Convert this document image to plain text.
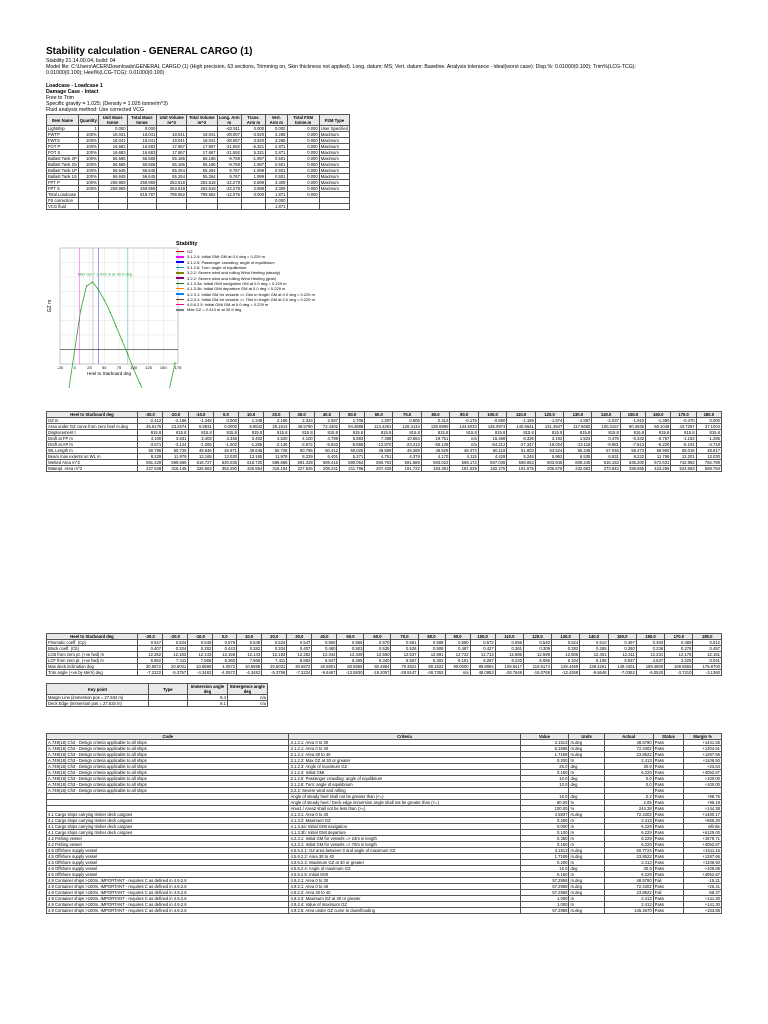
Stability calculation - GENERAL CARGO (1)
Stability 21.14.00.04, build: 04
Model file: C:\Users\ACER\Downloads\GENERAL CARGO (1) (High precision, 63 sections, Trimming on, Skin thickness not applied). Long. datum: MS; Vert. datum: Baseline. Analysis tolerance - ideal(worst case): Disp.%: 0.01000(0.100); Trim%(LCG-TCG):
0.01000(0.100); Heel%(LCG-TCG): 0.01000(0.100)
Loadcase - Loadcase 1
Damage Case - Intact
Free to Trim
Specific gravity = 1.025; (Density = 1.025 tonne/m^3)
Fluid analysis method: Use corrected VCG
Item Name	Quantity	Unit Mass tonne	Total Mass tonne	Unit Volume m^3	Total Volume m^3	Long. Arm m	Trans. Arm m	Vert. Arm m	Total FSM tonne.m	FSM Type
Lightship	1	0.000	0.000			-62.911	0.000	0.000	0.000	User Specified
FWTP	100%	18.041	18.041	18.041	18.041	-28.067	-3.920	3.268	0.000	Maximum
FWTS	100%	18.041	18.041	18.041	18.041	-28.067	3.920	3.268	0.000	Maximum
FOT P	100%	16.683	16.683	17.667	17.667	-21.592	-5.321	2.871	0.000	Maximum
FOT S	100%	16.683	16.683	17.667	17.667	-21.592	5.321	2.871	0.000	Maximum
Ballast Tank 2P	100%	56.566	56.566	55.186	55.186	-9.759	-1.997	0.501	0.000	Maximum
Ballast Tank 2S	100%	56.566	56.566	55.186	55.186	-9.759	1.997	0.501	0.000	Maximum
Ballast Tank 1P	100%	56.645	56.645	55.264	55.264	9.767	-1.999	0.501	0.000	Maximum
Ballast Tank 1S	100%	56.645	56.645	55.264	55.264	9.767	1.999	0.501	0.000	Maximum
FPT P	100%	259.959	259.959	253.618	253.618	-22.279	-2.899	3.309	0.000	Maximum
FPT S	100%	259.959	259.959	253.618	253.618	-22.279	2.899	3.309	0.000	Maximum
Total Loadcase			815.787	799.552	799.552	-12.076	0.000	1.871	0.000	
FS correction								0.000		
VCG fluid								1.871		
Max GZ = 2.413 m at 30.9 deg
-25	0	25	50	75 100 125 150 175
Heel to Starboard deg
GZ m
Stability
GZ
3.1.2.4: Initial GMt GM at 0.0 deg = 0.229 m
3.1.2.5: Passenger crowding: angle of equilibrium
3.1.2.6: Turn: angle of equilibrium
3.2.2: Severe wind and rolling Wind Heeling (steady)
3.2.2: Severe wind and rolling Wind Heeling (gust)
4.1.3.3a: Initial GMt navigation GM at 0.0 deg = 0.229 m
4.1.3.3b: Initial GMt departure GM at 0.0 deg = 0.229 m
4.2.3.1: Initial GM for vessels => 24m in length GM at 0.0 deg = 0.229 m
4.2.3.1: Initial GM for vessels => 70m in length GM at 0.0 deg = 0.229 m
4.5.6.2.5: Initial GMt GM at 0.0 deg = 0.229 m
Max GZ = 2.413 m at 30.9 deg
Heel to Starboard deg	-30.0	-20.0	-10.0	0.0	10.0	20.0	30.0	40.0	50.0	60.0	70.0	80.0	90.0	100.0	110.0	120.0	130.0	140.0	150.0	160.0	170.0	180.0
GZ m	-2.412	-2.186	-1.348	0.000	1.348	2.186	2.323	2.067	1.708	1.287	0.805	0.312	-0.176	-0.690	-1.159	-1.574	-1.897	-2.037	-1.910	-1.390	-0.470	0.000
Area under GZ curve from zero heel m.deg	46.5176	23.2574	6.9831	0.0000	6.9842	25.1913	48.5780	72.4302	94.4888	113.4291	128.4134	138.0880	144.5033	145.0973	140.6641	131.3947	117.6660	100.3157	80.3935	60.1048	43.7297	37.1004
Displacement t	815.8	815.8	815.8	815.8	815.8	815.8	815.8	815.8	815.8	815.8	815.8	815.8	815.8	815.8	815.8	815.8	815.8	815.8	815.8	815.8	815.8	815.8
Draft at FP m	4.100	3.631	3.402	3.346	3.402	3.620	4.100	4.789	5.893	7.488	10.654	19.751	n/a	15.468	6.336	3.192	1.524	0.476	-0.342	-0.767	-1.163	-1.285
Draft at AP m	-3.671	-3.124	-1.265	-1.002	-1.265	-2.136	-3.672	-5.843	-8.658	-12.870	-23.213	-55.128	n/a	-54.212	-27.347	-16.024	-13.118	-9.981	-7.813	-6.220	-5.101	-4.719
WL Length m	50.786	50.729	49.646	46.971	49.646	50.728	50.786	50.412	50.025	49.589	49.289	48.529	48.474	50.119	51.603	53.524	55.349	57.046	58.473	59.900	59.016	48.617
Beam max extents on WL m	8.229	11.979	13.165	13.030	13.165	11.978	8.229	6.401	5.271	4.751	4.379	4.170	4.115	4.429	5.246	5.962	6.536	6.931	8.222	11.768	13.201	13.030
Wetted Area m^2	591.429	599.669	616.727	640.035	616.720	599.666	591.428	589.416	590.064	590.763	591.689	593.022	598.172	597.046	598.653	603.646	609.245	616.153	635.200	672.631	742.963	782.789
Waterpl. Area m^2	227.628	316.148	326.563	353.290	326.564	316.154	227.626	208.241	211.796	207.426	191.722	183.381	181.039	182.275	191.675	206.676	232.663	273.842	336.655	423.256	523.663	589.794
Heel to Starboard deg	-30.0	-20.0	-10.0	0.0	10.0	20.0	30.0	40.0	50.0	60.0	70.0	80.0	90.0	100.0	110.0	120.0	130.0	140.0	150.0	160.0	170.0	180.0
Prismatic coeff. (Cp)	0.547	0.534	0.548	0.579	0.548	0.534	0.547	0.560	0.566	0.570	0.581	0.588	0.580	0.572	0.556	0.540	0.524	0.510	0.497	0.483	0.489	0.612
Block coeff. (Cb)	0.407	0.334	0.282	0.443	0.282	0.334	0.407	0.460	0.503	0.535	0.526	0.508	0.487	0.427	0.361	0.309	0.282	0.265	0.260	0.236	0.278	0.457
LCB from zero pt. (+ve fwd) m	12.252	12.183	12.143	12.156	12.143	12.183	12.252	12.344	12.449	12.550	12.637	12.691	12.722	12.713	12.666	12.598	12.506	12.401	12.311	12.231	12.176	12.151
LCF from zero pt. (+ve fwd) m	6.862	7.411	7.566	6.260	7.566	7.411	6.862	6.547	6.295	6.340	6.557	6.302	6.191	6.267	6.232	6.086	6.104	6.195	5.937	4.537	2.225	-3.041
Max deck inclination deg	30.5872	20.6031	10.6698	4.0572	10.6698	20.6031	30.5872	40.5601	50.5655	60.4884	70.3821	80.1922	90.0000	99.8084	109.6417	119.5174	129.4459	139.4261	149.4401	159.4800	169.5555	176.8700
Trim angle (+ve by stern) deg	-7.2222	-5.3757	-4.3482	-4.0572	-4.3482	-5.3756	-7.2224	-9.6467	-13.5830	-19.2057	-28.9147	-48.7353	n/a	48.0953	-28.7648	-19.0768	-13.4268	-9.6648	-7.0362	-5.0520	-3.7210	-3.1360
Key point	Type	Immersion angle deg	Emergence angle deg
Margin Line (immersion pos = 27.634 m)		8.4	n/a
Deck Edge (immersion pos = 27.634 m)		9.1	n/a
Code	Criteria	Value	Units	Actual	Status	Margin %
A.749(18) Ch3 - Design criteria applicable to all ships	3.1.2.1: Area 0 to 30	3.1513	m.deg	48.5780	Pass	+1441.55
A.749(18) Ch3 - Design criteria applicable to all ships	3.1.2.1: Area 0 to 40	5.1566	m.deg	72.4302	Pass	+1304.61
A.749(18) Ch3 - Design criteria applicable to all ships	3.1.2.1: Area 30 to 40	1.7189	m.deg	23.8522	Pass	+1287.66
A.749(18) Ch3 - Design criteria applicable to all ships	3.1.2.2: Max GZ at 30 or greater	0.200	m	2.413	Pass	+1106.50
A.749(18) Ch3 - Design criteria applicable to all ships	3.1.2.3: Angle of maximum GZ	25.0	deg	30.9	Pass	+23.64
A.749(18) Ch3 - Design criteria applicable to all ships	3.1.2.4: Initial GMt	0.150	m	6.229	Pass	+4052.67
A.749(18) Ch3 - Design criteria applicable to all ships	3.1.2.5: Passenger crowding: angle of equilibrium	10.0	deg	0.0	Pass	+100.00
A.749(18) Ch3 - Design criteria applicable to all ships	3.1.2.6: Turn: angle of equilibrium	10.0	deg	0.0	Pass	+100.00
A.749(18) Ch3 - Design criteria applicable to all ships	3.2.2: Severe wind and rolling				Pass	
	Angle of steady heel shall not be greater than (<=)	16.0	deg	0.2	Pass	+98.75
	Angle of steady heel / Deck edge immersion angle shall not be greater than (<=)	80.00	%	2.05	Pass	+96.19
	Area1 / Area2 shall not be less than (>=)	100.00	%	244.38	Pass	+144.38
4.1 Cargo ships carrying timber deck cargoes	4.1.3.1: Area 0 to 40	4.5837	m.deg	72.4302	Pass	+1480.17
4.1 Cargo ships carrying timber deck cargoes	4.1.3.2: Maximum GZ	0.250	m	2.413	Pass	+865.20
4.1 Cargo ships carrying timber deck cargoes	4.1.3.3a: Initial GMt navigation	0.000	m	6.229	Pass	infinite
4.1 Cargo ships carrying timber deck cargoes	4.1.3.3b: Initial GMt departure	0.100	m	6.229	Pass	+6129.00
4.2 Fishing vessel	4.2.3.1: Initial GM for vessels => 24m in length	0.350	m	6.229	Pass	+1679.71
4.2 Fishing vessel	4.2.3.1: Initial GM for vessels => 70m in length	0.150	m	6.229	Pass	+4052.67
4.5 Offshore supply vessel	4.5.6.2.1: GZ area between 0 and angle of maximum GZ	3.1513	m.deg	50.7724	Pass	+1511.16
4.5 Offshore supply vessel	4.5.6.2.2: Area 30 to 40	1.7189	m.deg	23.8522	Pass	+1287.66
4.5 Offshore supply vessel	4.5.6.2.3: Maximum GZ at 30 or greater	0.200	m	2.413	Pass	+1106.50
4.5 Offshore supply vessel	4.5.6.2.4: Angle of maximum GZ	15.0	deg	30.9	Pass	+106.06
4.5 Offshore supply vessel	4.5.6.2.5: Initial GMt	0.150	m	6.229	Pass	+4052.67
4.9 Container ships >100m. IMPORTANT - requires C as defined in 4.9.2.6	4.9.2.1: Area 0 to 30	57.2958	m.deg	48.5780	Fail	-15.21
4.9 Container ships >100m. IMPORTANT - requires C as defined in 4.9.2.6	4.9.2.1: Area 0 to 40	57.2958	m.deg	72.4302	Pass	+26.41
4.9 Container ships >100m. IMPORTANT - requires C as defined in 4.9.2.6	4.9.2.2: Area 30 to 40	57.2958	m.deg	23.8522	Fail	-58.37
4.9 Container ships >100m. IMPORTANT - requires C as defined in 4.9.2.6	4.9.2.3: Maximum GZ at 30 or greater	1.000	m	2.413	Pass	+141.30
4.9 Container ships >100m. IMPORTANT - requires C as defined in 4.9.2.6	4.9.2.4: Value of maximum GZ	1.000	m	2.413	Pass	+141.30
4.9 Container ships >100m. IMPORTANT - requires C as defined in 4.9.2.6	4.9.2.5: Area under GZ curve to downflooding	57.2958	m.deg	145.4670	Pass	+153.88
